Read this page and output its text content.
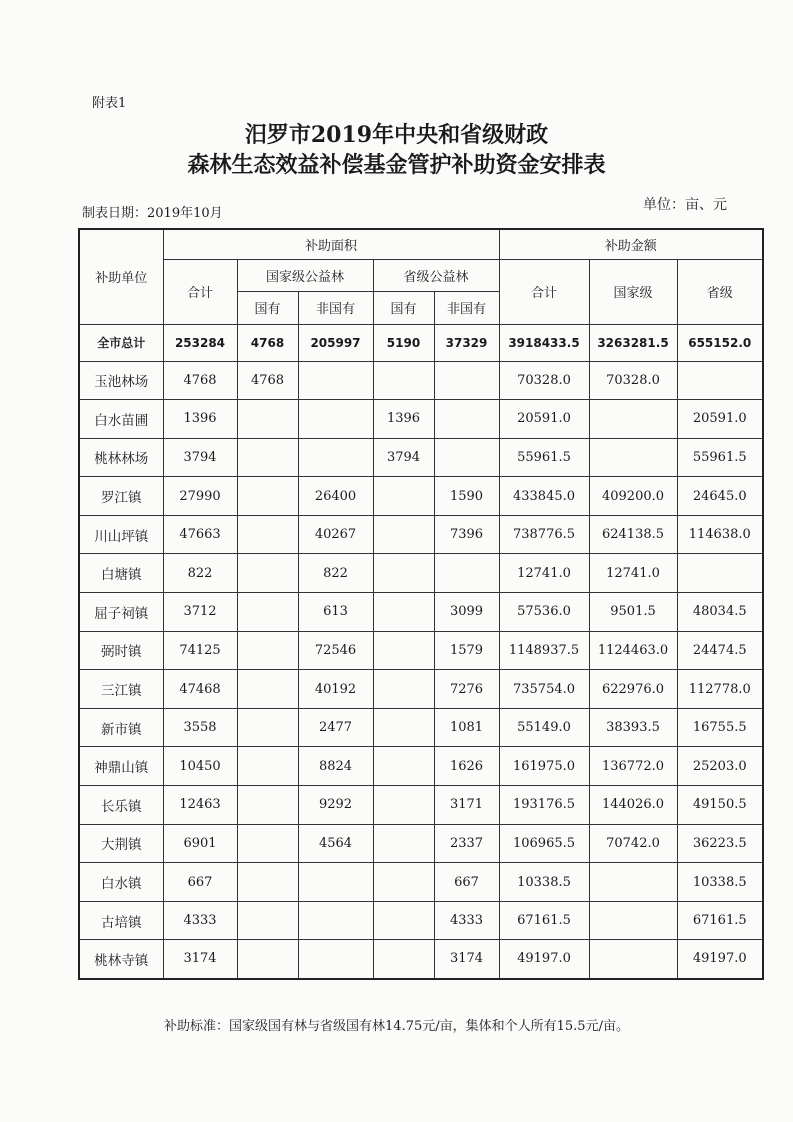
附表1
汨罗市2019年中央和省级财政
森林生态效益补偿基金管护补助资金安排表
制表日期：2019年10月
单位：亩、元
补助单位	补助面积					补助金额		
	合计	国家级公益林		省级公益林		合计	国家级	省级
		国有	非国有	国有	非国有			
全市总计	253284	4768	205997	5190	37329	3918433.5	3263281.5	655152.0
玉池林场	4768	4768				70328.0	70328.0	
白水苗圃	1396			1396		20591.0		20591.0
桃林林场	3794			3794		55961.5		55961.5
罗江镇	27990		26400		1590	433845.0	409200.0	24645.0
川山坪镇	47663		40267		7396	738776.5	624138.5	114638.0
白塘镇	822		822			12741.0	12741.0	
屈子祠镇	3712		613		3099	57536.0	9501.5	48034.5
弼时镇	74125		72546		1579	1148937.5	1124463.0	24474.5
三江镇	47468		40192		7276	735754.0	622976.0	112778.0
新市镇	3558		2477		1081	55149.0	38393.5	16755.5
神鼎山镇	10450		8824		1626	161975.0	136772.0	25203.0
长乐镇	12463		9292		3171	193176.5	144026.0	49150.5
大荆镇	6901		4564		2337	106965.5	70742.0	36223.5
白水镇	667				667	10338.5		10338.5
古培镇	4333				4333	67161.5		67161.5
桃林寺镇	3174				3174	49197.0		49197.0
补助标准：国家级国有林与省级国有林14.75元/亩，集体和个人所有15.5元/亩。
